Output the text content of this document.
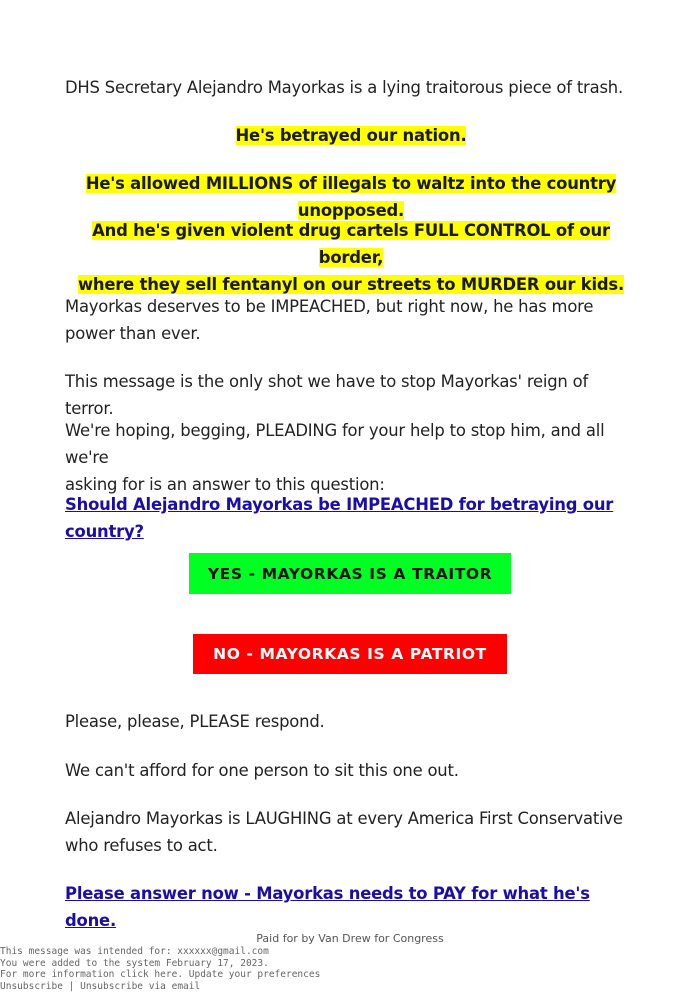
DHS Secretary Alejandro Mayorkas is a lying traitorous piece of trash.

He's betrayed our nation.

He's allowed MILLIONS of illegals to waltz into the country unopposed.

And he's given violent drug cartels FULL CONTROL of our border,
where they sell fentanyl on our streets to MURDER our kids.

Mayorkas deserves to be IMPEACHED, but right now, he has more
power than ever.

This message is the only shot we have to stop Mayorkas' reign of terror.

We're hoping, begging, PLEADING for your help to stop him, and all we're
asking for is an answer to this question:

Should Alejandro Mayorkas be IMPEACHED for betraying our country?

Please, please, PLEASE respond.

We can't afford for one person to sit this one out.

Alejandro Mayorkas is LAUGHING at every America First Conservative
who refuses to act.

Please answer now - Mayorkas needs to PAY for what he's done.

YES - MAYORKAS IS A TRAITOR
NO - MAYORKAS IS A PATRIOT
Paid for by Van Drew for Congress
This message was intended for: xxxxxx@gmail.com
You were added to the system February 17, 2023.
For more information click here. Update your preferences
Unsubscribe | Unsubscribe via email
